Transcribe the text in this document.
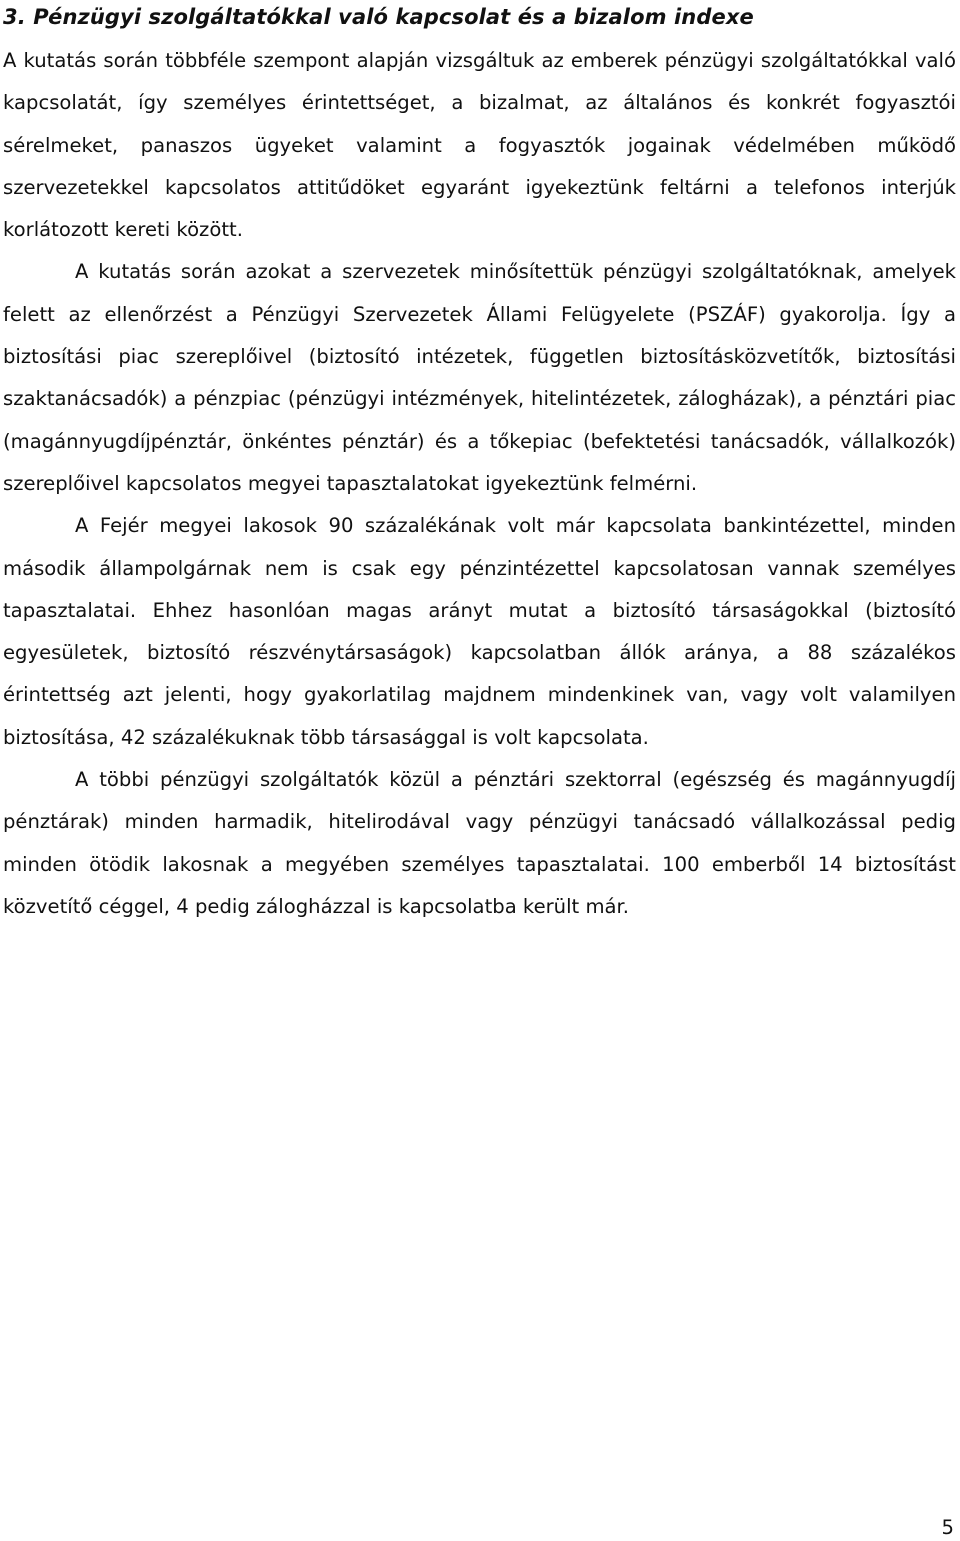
3. Pénzügyi szolgáltatókkal való kapcsolat és a bizalom indexe

A kutatás során többféle szempont alapján vizsgáltuk az emberek pénzügyi szolgáltatókkal való kapcsolatát, így személyes érintettséget, a bizalmat, az általános és konkrét fogyasztói sérelmeket, panaszos ügyeket valamint a fogyasztók jogainak védelmében működő szervezetekkel kapcsolatos attitűdöket egyaránt igyekeztünk feltárni a telefonos interjúk korlátozott kereti között.

A kutatás során azokat a szervezetek minősítettük pénzügyi szolgáltatóknak, amelyek felett az ellenőrzést a Pénzügyi Szervezetek Állami Felügyelete (PSZÁF) gyakorolja. Így a biztosítási piac szereplőivel (biztosító intézetek, független biztosításközvetítők, biztosítási szaktanácsadók) a pénzpiac (pénzügyi intézmények, hitelintézetek, zálogházak), a pénztári piac (magánnyugdíjpénztár, önkéntes pénztár) és a tőkepiac (befektetési tanácsadók, vállalkozók) szereplőivel kapcsolatos megyei tapasztalatokat igyekeztünk felmérni.

A Fejér megyei lakosok 90 százalékának volt már kapcsolata bankintézettel, minden második állampolgárnak nem is csak egy pénzintézettel kapcsolatosan vannak személyes tapasztalatai. Ehhez hasonlóan magas arányt mutat a biztosító társaságokkal (biztosító egyesületek, biztosító részvénytársaságok) kapcsolatban állók aránya, a 88 százalékos érintettség azt jelenti, hogy gyakorlatilag majdnem mindenkinek van, vagy volt valamilyen biztosítása, 42 százalékuknak több társasággal is volt kapcsolata.

A többi pénzügyi szolgáltatók közül a pénztári szektorral (egészség és magánnyugdíj pénztárak) minden harmadik, hitelirodával vagy pénzügyi tanácsadó vállalkozással pedig minden ötödik lakosnak a megyében személyes tapasztalatai. 100 emberből 14 biztosítást közvetítő céggel, 4 pedig zálogházzal is kapcsolatba került már.

5
